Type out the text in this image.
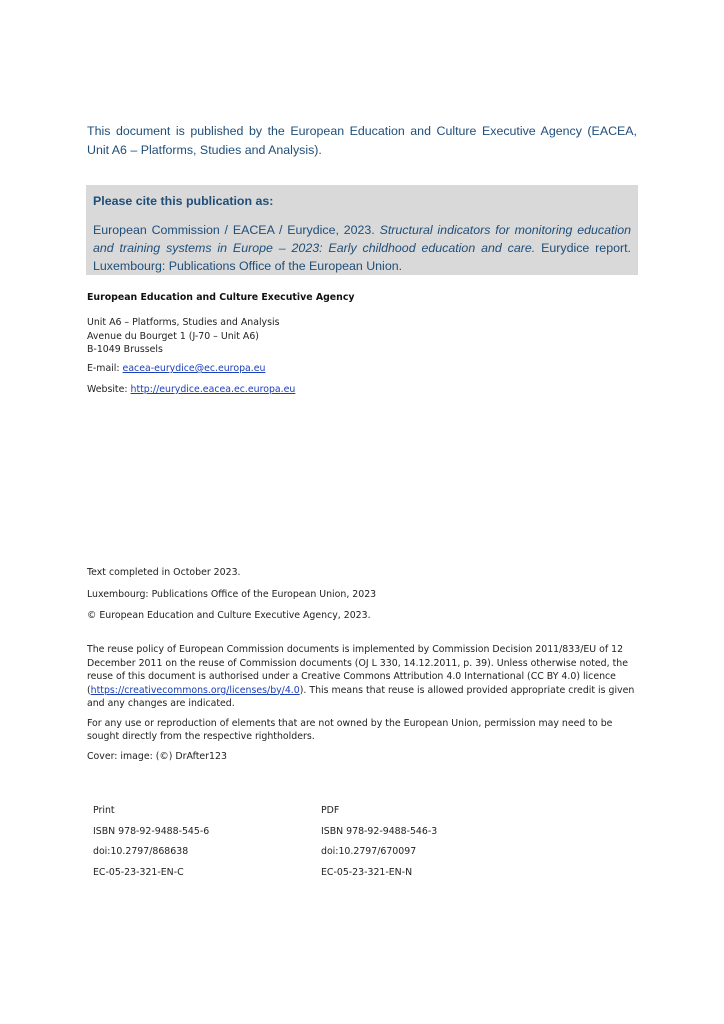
This document is published by the European Education and Culture Executive Agency (EACEA, Unit A6 – Platforms, Studies and Analysis).

Please cite this publication as:
European Commission / EACEA / Eurydice, 2023. Structural indicators for monitoring education and training systems in Europe – 2023: Early childhood education and care. Eurydice report. Luxembourg: Publications Office of the European Union.
European Education and Culture Executive Agency
Unit A6 – Platforms, Studies and Analysis
Avenue du Bourget 1 (J-70 – Unit A6)
B-1049 Brussels
E-mail: eacea-eurydice@ec.europa.eu
Website: http://eurydice.eacea.ec.europa.eu
Text completed in October 2023.
Luxembourg: Publications Office of the European Union, 2023
© European Education and Culture Executive Agency, 2023.
The reuse policy of European Commission documents is implemented by Commission Decision 2011/833/EU of 12 December 2011 on the reuse of Commission documents (OJ L 330, 14.12.2011, p. 39). Unless otherwise noted, the reuse of this document is authorised under a Creative Commons Attribution 4.0 International (CC BY 4.0) licence (https://creativecommons.org/licenses/by/4.0). This means that reuse is allowed provided appropriate credit is given and any changes are indicated.
For any use or reproduction of elements that are not owned by the European Union, permission may need to be sought directly from the respective rightholders.
Cover: image: (©) DrAfter123
Print
ISBN 978-92-9488-545-6
doi:10.2797/868638
EC-05-23-321-EN-C
PDF
ISBN 978-92-9488-546-3
doi:10.2797/670097
EC-05-23-321-EN-N
